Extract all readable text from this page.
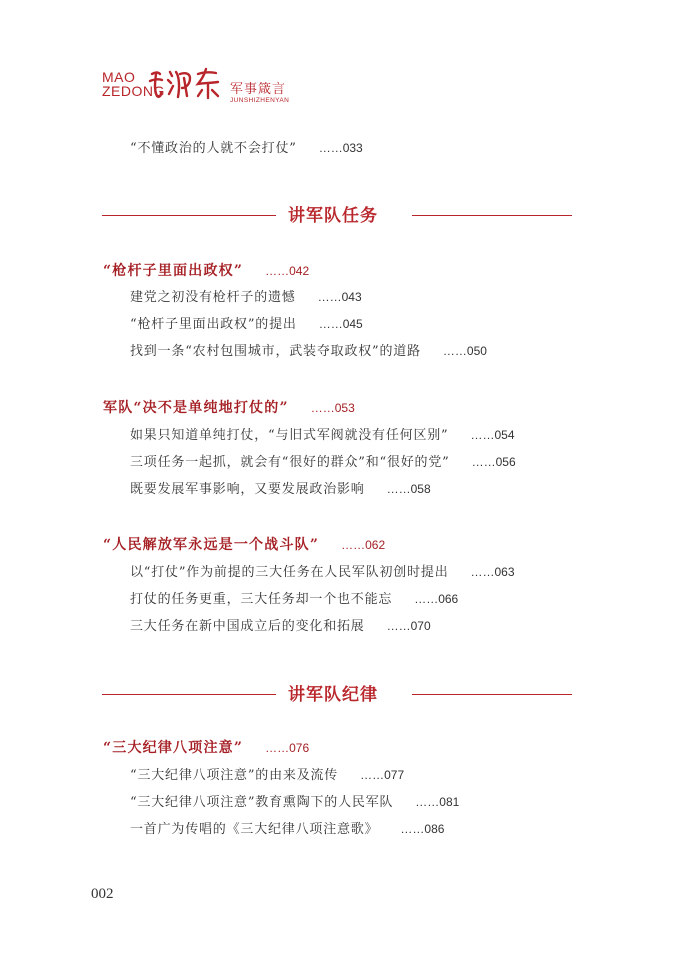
MAO
ZEDONG	军事箴言
JUNSHIZHENYAN
“不懂政治的人就不会打仗” ……033
讲军队任务
“枪杆子里面出政权” ……042
建党之初没有枪杆子的遗憾 ……043
“枪杆子里面出政权”的提出 ……045
找到一条“农村包围城市，武装夺取政权”的道路 ……050
军队“决不是单纯地打仗的” ……053
如果只知道单纯打仗，“与旧式军阀就没有任何区别” ……054
三项任务一起抓，就会有“很好的群众”和“很好的党” ……056
既要发展军事影响，又要发展政治影响 ……058
“人民解放军永远是一个战斗队” ……062
以“打仗”作为前提的三大任务在人民军队初创时提出 ……063
打仗的任务更重，三大任务却一个也不能忘 ……066
三大任务在新中国成立后的变化和拓展 ……070
讲军队纪律
“三大纪律八项注意” ……076
“三大纪律八项注意”的由来及流传 ……077
“三大纪律八项注意”教育熏陶下的人民军队 ……081
一首广为传唱的《三大纪律八项注意歌》 ……086
002
